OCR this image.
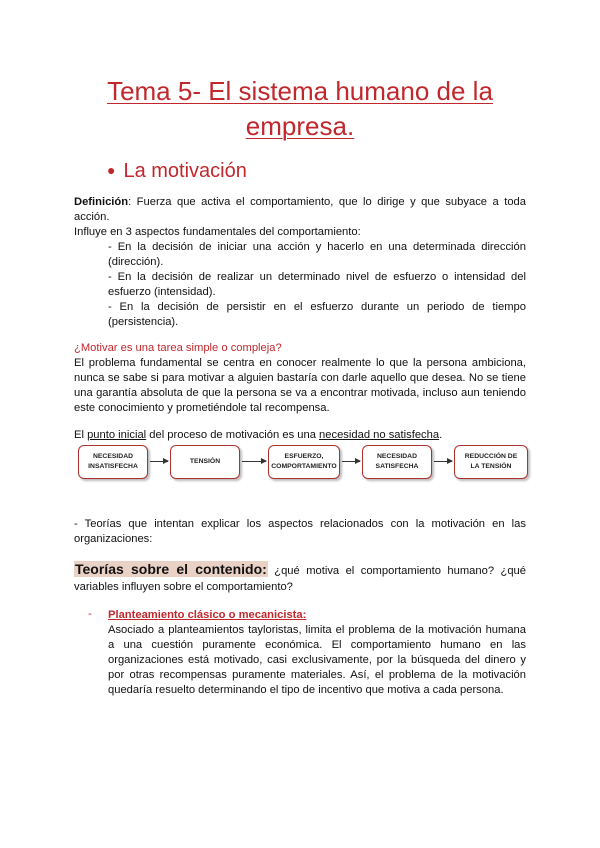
Tema 5- El sistema humano de la
empresa.
● La motivación
Definición: Fuerza que activa el comportamiento, que lo dirige y que subyace a toda acción.
Influye en 3 aspectos fundamentales del comportamiento:
- En la decisión de iniciar una acción y hacerlo en una determinada dirección (dirección).
- En la decisión de realizar un determinado nivel de esfuerzo o intensidad del esfuerzo (intensidad).
- En la decisión de persistir en el esfuerzo durante un periodo de tiempo (persistencia).
¿Motivar es una tarea simple o compleja?
El problema fundamental se centra en conocer realmente lo que la persona ambiciona, nunca se sabe si para motivar a alguien bastaría con darle aquello que desea. No se tiene una garantía absoluta de que la persona se va a encontrar motivada, incluso aun teniendo este conocimiento y prometiéndole tal recompensa.
El punto inicial del proceso de motivación es una necesidad no satisfecha.
NECESIDAD
INSATISFECHA
TENSIÓN
ESFUERZO,
COMPORTAMIENTO
NECESIDAD
SATISFECHA
REDUCCIÓN DE
LA TENSIÓN
- Teorías que intentan explicar los aspectos relacionados con la motivación en las organizaciones:
Teorías sobre el contenido: ¿qué motiva el comportamiento humano? ¿qué variables influyen sobre el comportamiento?
- Planteamiento clásico o mecanicista:
Asociado a planteamientos tayloristas, limita el problema de la motivación humana a una cuestión puramente económica. El comportamiento humano en las organizaciones está motivado, casi exclusivamente, por la búsqueda del dinero y por otras recompensas puramente materiales. Así, el problema de la motivación quedaría resuelto determinando el tipo de incentivo que motiva a cada persona.
